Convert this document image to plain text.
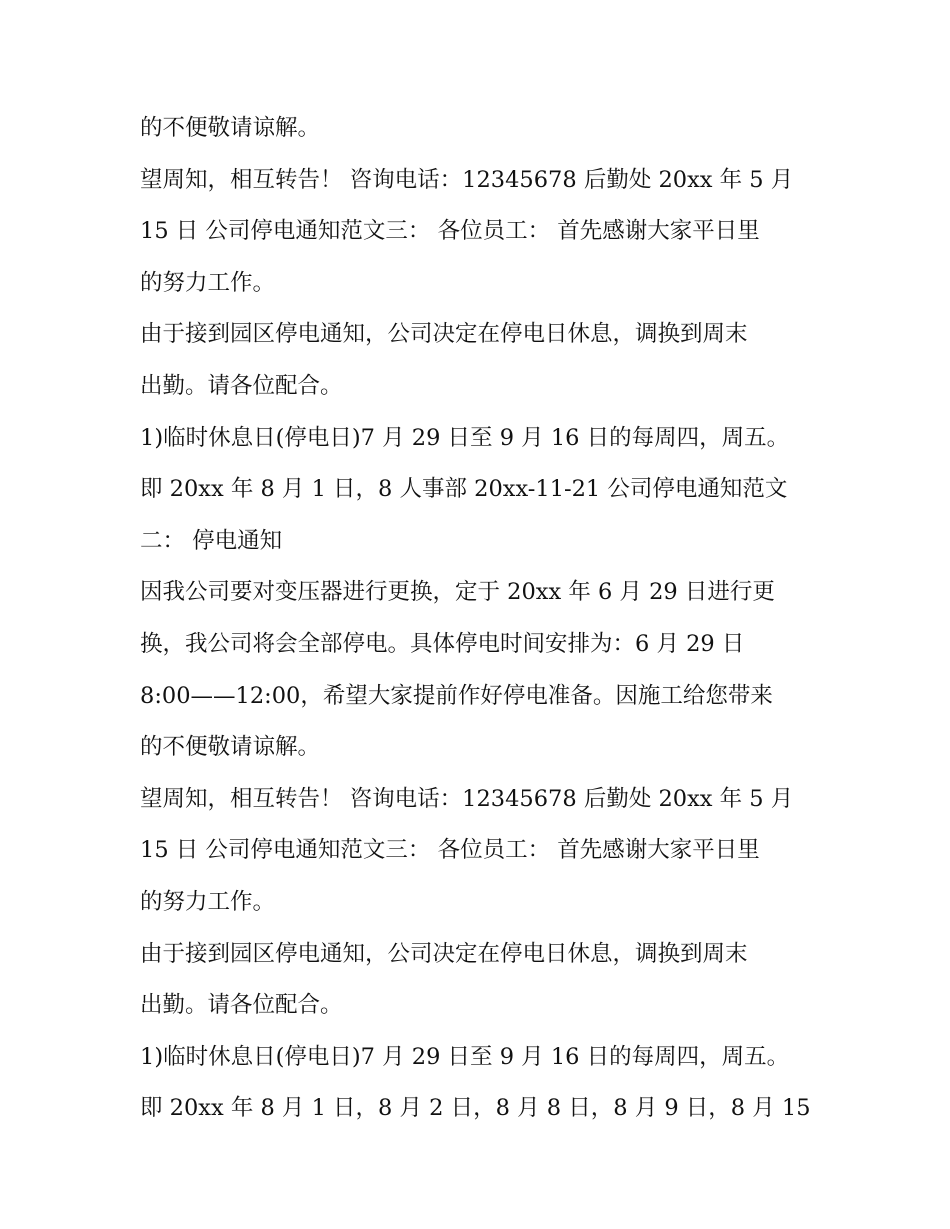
的不便敬请谅解。
望周知，相互转告！ 咨询电话：12345678 后勤处 20xx 年 5 月
15 日 公司停电通知范文三： 各位员工： 首先感谢大家平日里
的努力工作。
由于接到园区停电通知，公司决定在停电日休息，调换到周末
出勤。请各位配合。
1)临时休息日(停电日)7 月 29 日至 9 月 16 日的每周四，周五。
即 20xx 年 8 月 1 日，8 人事部 20xx-11-21 公司停电通知范文
二： 停电通知
因我公司要对变压器进行更换，定于 20xx 年 6 月 29 日进行更
换，我公司将会全部停电。具体停电时间安排为：6 月 29 日
8:00——12:00，希望大家提前作好停电准备。因施工给您带来
的不便敬请谅解。
望周知，相互转告！ 咨询电话：12345678 后勤处 20xx 年 5 月
15 日 公司停电通知范文三： 各位员工： 首先感谢大家平日里
的努力工作。
由于接到园区停电通知，公司决定在停电日休息，调换到周末
出勤。请各位配合。
1)临时休息日(停电日)7 月 29 日至 9 月 16 日的每周四，周五。
即 20xx 年 8 月 1 日，8 月 2 日，8 月 8 日，8 月 9 日，8 月 15
